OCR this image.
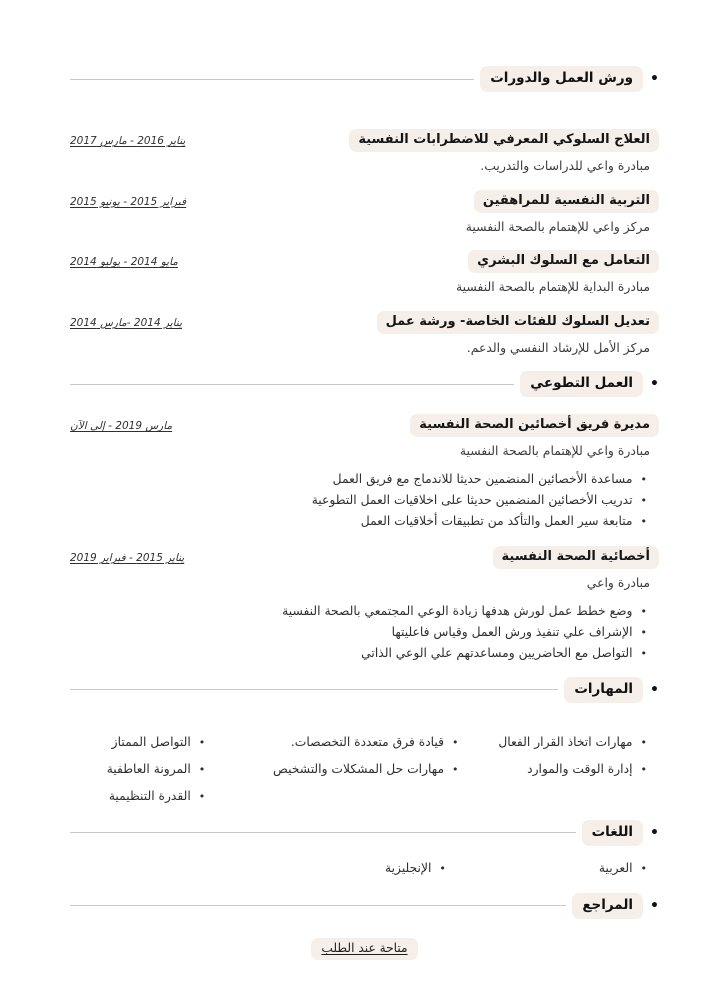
•
ورش العمل والدورات
العلاج السلوكي المعرفي للاضطرابات النفسية
مبادرة واعي للدراسات والتدريب.
يناير 2016 - مارس 2017
التربية النفسية للمراهقين
مركز واعي للإهتمام بالصحة النفسية
فبراير 2015 - يونيو 2015
التعامل مع السلوك البشري
مبادرة البداية للإهتمام بالصحة النفسية
مايو 2014 - يوليو 2014
تعديل السلوك للفئات الخاصة- ورشة عمل
مركز الأمل للإرشاد النفسي والدعم.
يناير 2014 -مارس 2014
•
العمل التطوعي
مديرة فريق أخصائين الصحة النفسية
مبادرة واعي للإهتمام بالصحة النفسية
•مساعدة الأخصائين المنضمين حديثا للاندماج مع فريق العمل
•تدريب الأخصائين المنضمين حديثا على اخلاقيات العمل التطوعية
•متابعة سير العمل والتأكد من تطبيقات أخلاقيات العمل
مارس 2019 - إلى الآن
أخصائية الصحة النفسية
مبادرة واعي
•وضع خطط عمل لورش هدفها زيادة الوعي المجتمعي بالصحة النفسية
•الإشراف علي تنفيذ ورش العمل وقياس فاعليتها
•التواصل مع الحاضريين ومساعدتهم علي الوعي الذاتي
يناير 2015 - فبراير 2019
•
المهارات
•مهارات اتخاذ القرار الفعال
•إدارة الوقت والموارد
•قيادة فرق متعددة التخصصات.
•مهارات حل المشكلات والتشخيص
•التواصل الممتاز
•المرونة العاطفية
•القدرة التنظيمية
•
اللغات
•العربية
•الإنجليزية
•
المراجع
متاحة عند الطلب
